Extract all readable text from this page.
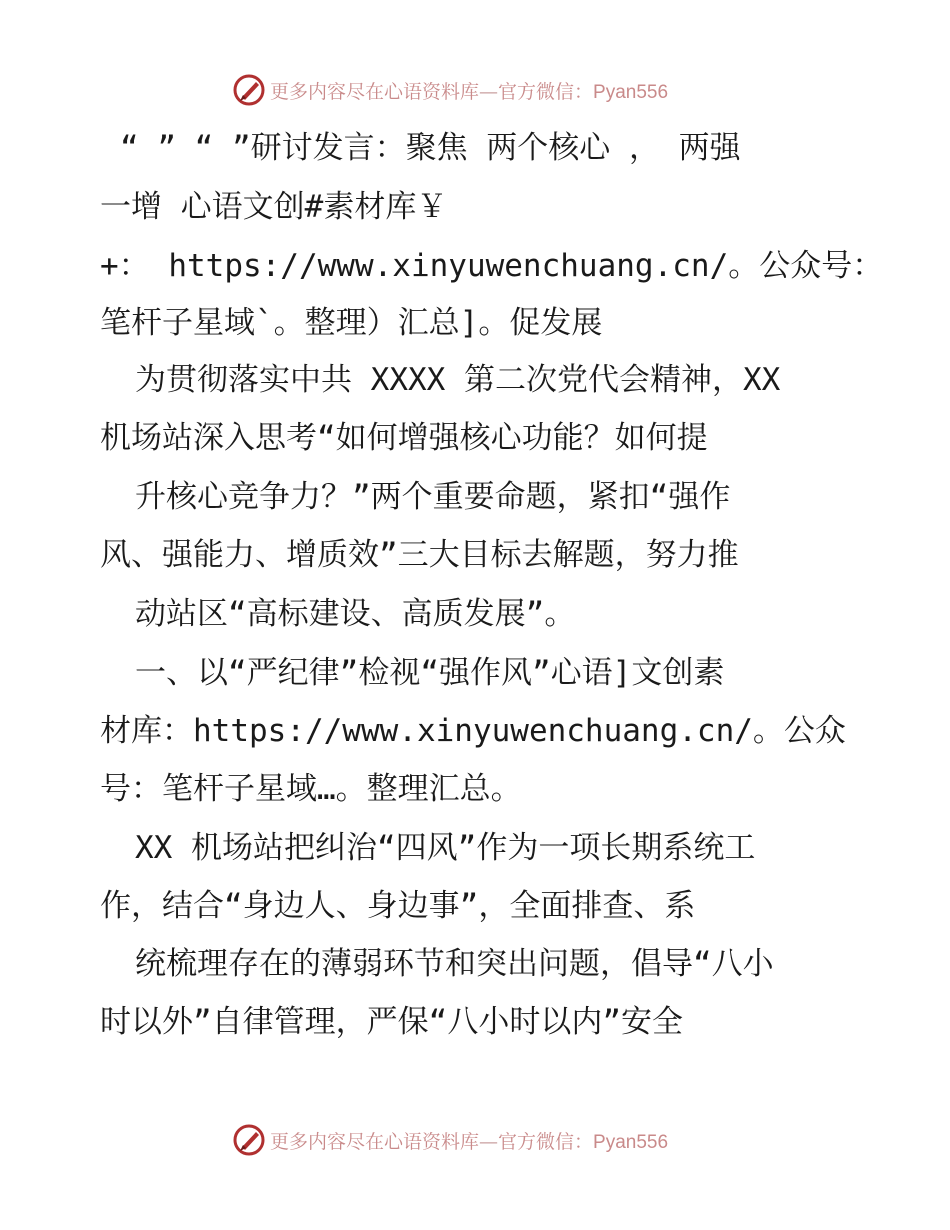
更多内容尽在心语资料库—官方微信：Pyan556
“ ” “ ”研讨发言：聚焦 两个核心 ， 两强
一增 心语文创#素材库￥
+： https://www.xinyuwenchuang.cn/。公众号：
笔杆子星域`。整理）汇总]。促发展
为贯彻落实中共 XXXX 第二次党代会精神，XX
机场站深入思考“如何增强核心功能？如何提
升核心竞争力？”两个重要命题，紧扣“强作
风、强能力、增质效”三大目标去解题，努力推
动站区“高标建设、高质发展”。
一、以“严纪律”检视“强作风”心语]文创素
材库：https://www.xinyuwenchuang.cn/。公众
号：笔杆子星域…。整理汇总。
XX 机场站把纠治“四风”作为一项长期系统工
作，结合“身边人、身边事”，全面排查、系
统梳理存在的薄弱环节和突出问题，倡导“八小
时以外”自律管理，严保“八小时以内”安全
更多内容尽在心语资料库—官方微信：Pyan556
